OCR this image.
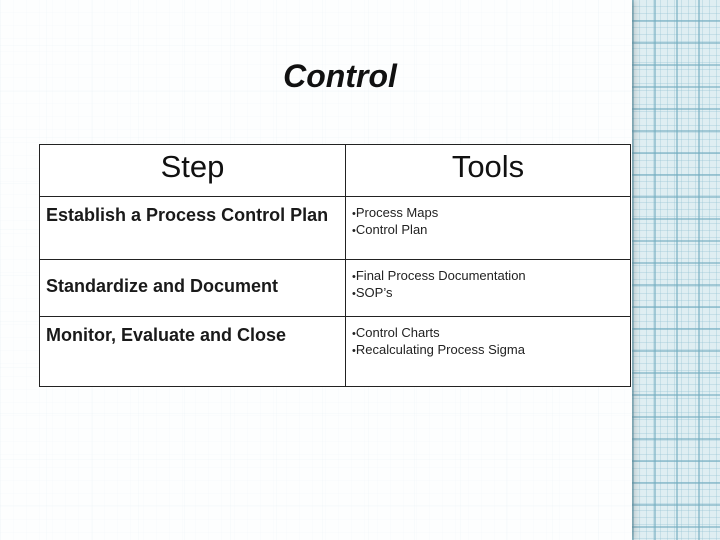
Control
Step	Tools
Establish a Process Control Plan	•Process Maps
•Control Plan

Standardize and Document	•Final Process Documentation
•SOP’s

Monitor, Evaluate and Close	•Control Charts
•Recalculating Process Sigma
